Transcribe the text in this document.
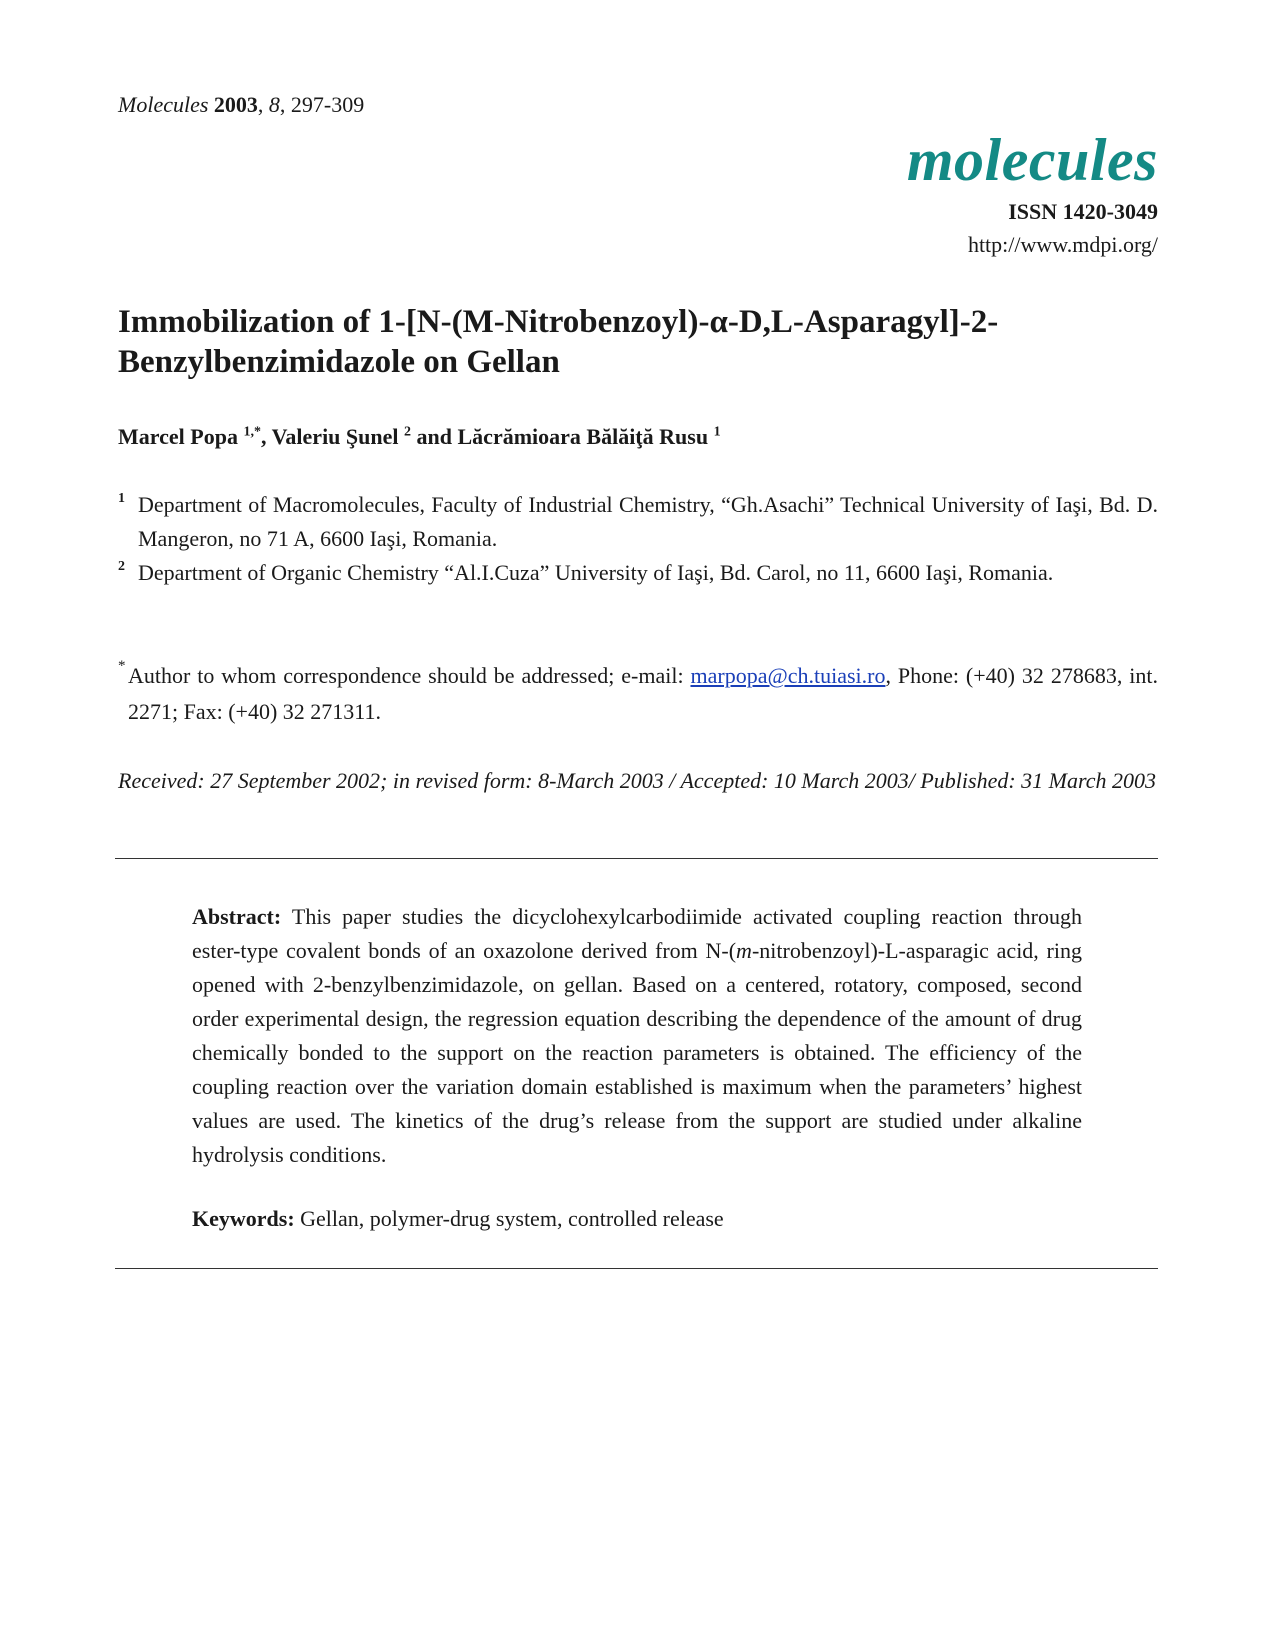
Molecules 2003, 8, 297-309
molecules
ISSN 1420-3049
http://www.mdpi.org/
Immobilization of 1-[N-(M-Nitrobenzoyl)-α-D,L-Asparagyl]-2-Benzylbenzimidazole on Gellan
Marcel Popa $^{1,*}$, Valeriu Şunel $^2$ and Lăcrămioara Bălăiţă Rusu $^1$
1 Department of Macromolecules, Faculty of Industrial Chemistry, “Gh.Asachi” Technical University of Iaşi, Bd. D. Mangeron, no 71 A, 6600 Iaşi, Romania.
2 Department of Organic Chemistry “Al.I.Cuza” University of Iaşi, Bd. Carol, no 11, 6600 Iaşi, Romania.
* Author to whom correspondence should be addressed; e-mail: marpopa@ch.tuiasi.ro, Phone: (+40) 32 278683, int. 2271; Fax: (+40) 32 271311.
Received: 27 September 2002; in revised form: 8-March 2003 / Accepted: 10 March 2003/ Published: 31 March 2003
Abstract: This paper studies the dicyclohexylcarbodiimide activated coupling reaction through ester-type covalent bonds of an oxazolone derived from N-(m-nitrobenzoyl)-L-asparagic acid, ring opened with 2-benzylbenzimidazole, on gellan. Based on a centered, rotatory, composed, second order experimental design, the regression equation describing the dependence of the amount of drug chemically bonded to the support on the reaction parameters is obtained. The efficiency of the coupling reaction over the variation domain established is maximum when the parameters’ highest values are used. The kinetics of the drug’s release from the support are studied under alkaline hydrolysis conditions.
Keywords: Gellan, polymer-drug system, controlled release
